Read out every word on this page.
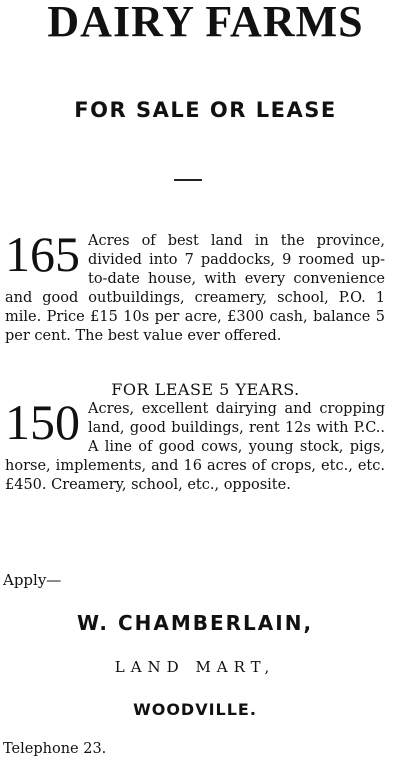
DAIRY FARMS
FOR SALE OR LEASE
165 Acres of best land in the province, divided into 7 paddocks, 9 roomed up-to-date house, with every convenience and good outbuildings, creamery, school, P.O. 1 mile. Price £15 10s per acre, £300 cash, balance 5 per cent. The best value ever offered.
FOR LEASE 5 YEARS.
150 Acres, excellent dairying and cropping land, good buildings, rent 12s with P.C.. A line of good cows, young stock, pigs, horse, implements, and 16 acres of crops, etc., etc. £450. Creamery, school, etc., opposite.
Apply—
W. CHAMBERLAIN,
LAND MART,
WOODVILLE.
Telephone 23.
